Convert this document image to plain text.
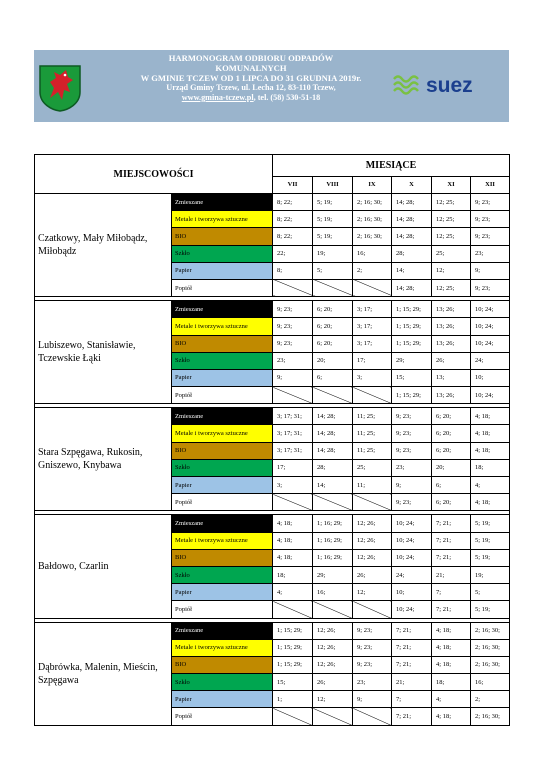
HARMONOGRAM ODBIORU ODPADÓW
KOMUNALNYCH
W GMINIE TCZEW OD 1 LIPCA DO 31 GRUDNIA 2019r.
Urząd Gminy Tczew, ul. Lecha 12, 83-110 Tczew,
www.gmina-tczew.pl, tel. (58) 530-51-18
suez
MIEJSCOWOŚCI		MIESIĄCE					
		VII	VIII	IX	X	XI	XII
Czatkowy, Mały Miłobądz, Miłobądz	Zmieszane	8; 22;	5; 19;	2; 16; 30;	14; 28;	12; 25;	9; 23;
	Metale i tworzywa sztuczne	8; 22;	5; 19;	2; 16; 30;	14; 28;	12; 25;	9; 23;
	BIO	8; 22;	5; 19;	2; 16; 30;	14; 28;	12; 25;	9; 23;
	Szkło	22;	19;	16;	28;	25;	23;
	Papier	8;	5;	2;	14;	12;	9;
	Popiół				14; 28;	12; 25;	9; 23;

Lubiszewo, Stanisławie, Tczewskie Łąki	Zmieszane	9; 23;	6; 20;	3; 17;	1; 15; 29;	13; 26;	10; 24;
	Metale i tworzywa sztuczne	9; 23;	6; 20;	3; 17;	1; 15; 29;	13; 26;	10; 24;
	BIO	9; 23;	6; 20;	3; 17;	1; 15; 29;	13; 26;	10; 24;
	Szkło	23;	20;	17;	29;	26;	24;
	Papier	9;	6;	3;	15;	13;	10;
	Popiół				1; 15; 29;	13; 26;	10; 24;

Stara Szpęgawa, Rukosin, Gniszewo, Knybawa	Zmieszane	3; 17; 31;	14; 28;	11; 25;	9; 23;	6; 20;	4; 18;
	Metale i tworzywa sztuczne	3; 17; 31;	14; 28;	11; 25;	9; 23;	6; 20;	4; 18;
	BIO	3; 17; 31;	14; 28;	11; 25;	9; 23;	6; 20;	4; 18;
	Szkło	17;	28;	25;	23;	20;	18;
	Papier	3;	14;	11;	9;	6;	4;
	Popiół				9; 23;	6; 20;	4; 18;

Bałdowo, Czarlin	Zmieszane	4; 18;	1; 16; 29;	12; 26;	10; 24;	7; 21;	5; 19;
	Metale i tworzywa sztuczne	4; 18;	1; 16; 29;	12; 26;	10; 24;	7; 21;	5; 19;
	BIO	4; 18;	1; 16; 29;	12; 26;	10; 24;	7; 21;	5; 19;
	Szkło	18;	29;	26;	24;	21;	19;
	Papier	4;	16;	12;	10;	7;	5;
	Popiół				10; 24;	7; 21;	5; 19;

Dąbrówka, Malenin, Mieścin, Szpęgawa	Zmieszane	1; 15; 29;	12; 26;	9; 23;	7; 21;	4; 18;	2; 16; 30;
	Metale i tworzywa sztuczne	1; 15; 29;	12; 26;	9; 23;	7; 21;	4; 18;	2; 16; 30;
	BIO	1; 15; 29;	12; 26;	9; 23;	7; 21;	4; 18;	2; 16; 30;
	Szkło	15;	26;	23;	21;	18;	16;
	Papier	1;	12;	9;	7;	4;	2;
	Popiół				7; 21;	4; 18;	2; 16; 30;
